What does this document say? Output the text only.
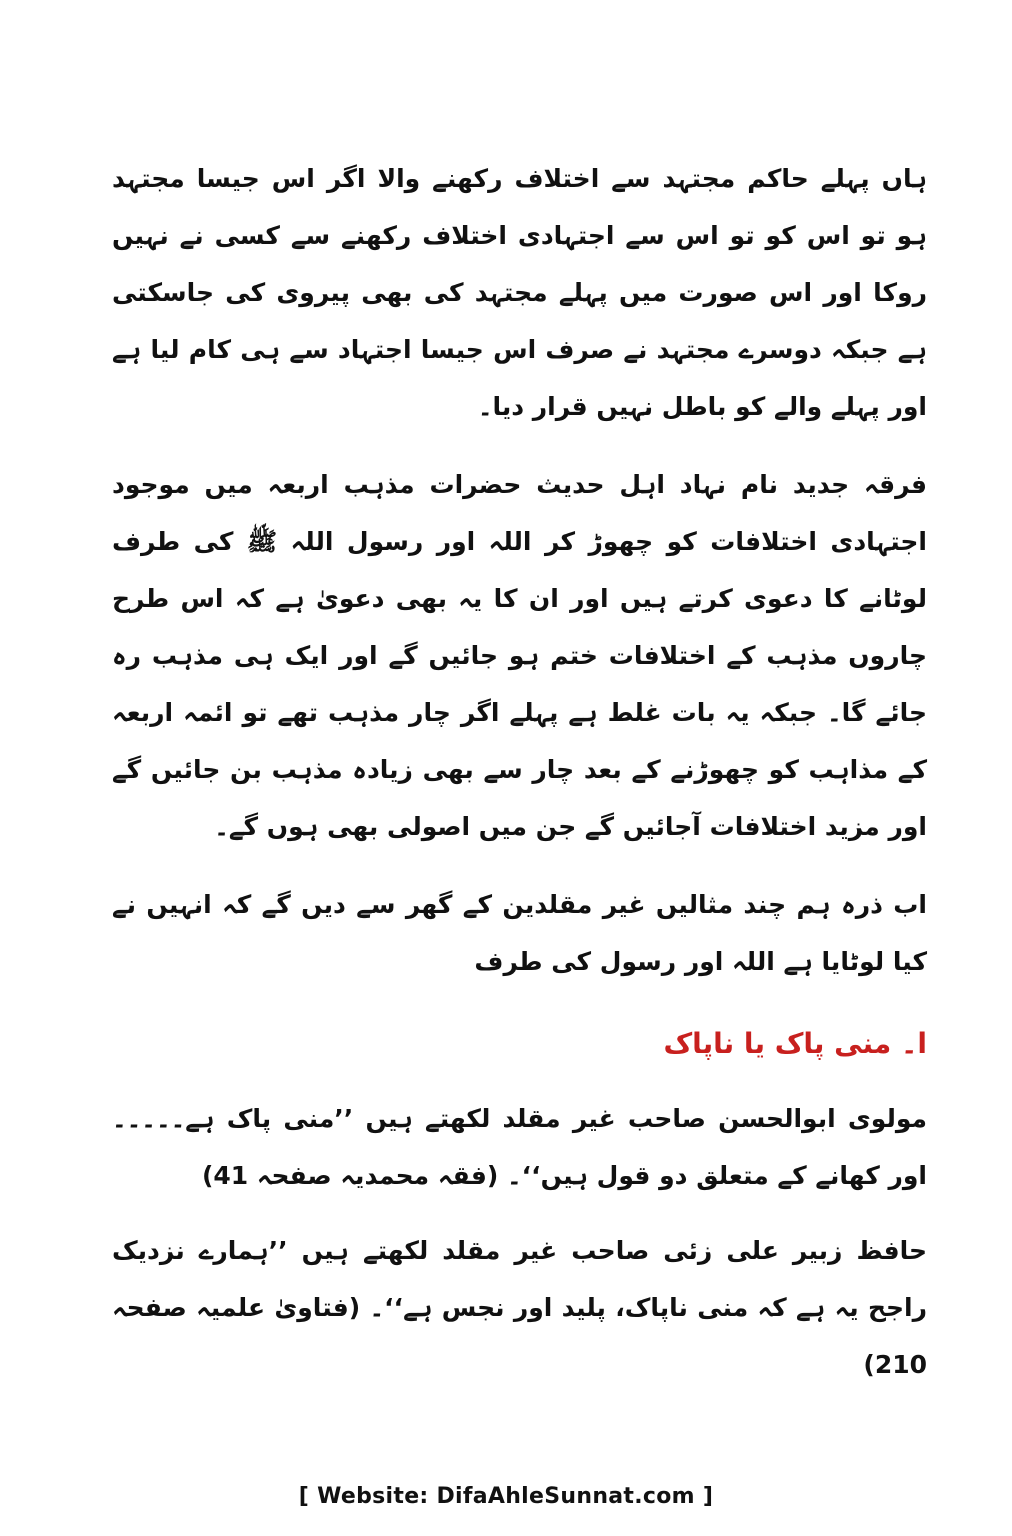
ہاں پہلے حاکم مجتہد سے اختلاف رکھنے والا اگر اس جیسا مجتہد ہو تو اس کو تو اس سے اجتہادی اختلاف رکھنے سے کسی نے نہیں روکا اور اس صورت میں پہلے مجتہد کی بھی پیروی کی جاسکتی ہے جبکہ دوسرے مجتہد نے صرف اس جیسا اجتہاد سے ہی کام لیا ہے اور پہلے والے کو باطل نہیں قرار دیا۔

فرقہ جدید نام نہاد اہل حدیث حضرات مذہب اربعہ میں موجود اجتہادی اختلافات کو چھوڑ کر اللہ اور رسول اللہ ﷺ کی طرف لوٹانے کا دعوی کرتے ہیں اور ان کا یہ بھی دعویٰ ہے کہ اس طرح چاروں مذہب کے اختلافات ختم ہو جائیں گے اور ایک ہی مذہب رہ جائے گا۔ جبکہ یہ بات غلط ہے پہلے اگر چار مذہب تھے تو ائمہ اربعہ کے مذاہب کو چھوڑنے کے بعد چار سے بھی زیادہ مذہب بن جائیں گے اور مزید اختلافات آجائیں گے جن میں اصولی بھی ہوں گے۔

اب ذرہ ہم چند مثالیں غیر مقلدین کے گھر سے دیں گے کہ انہیں نے کیا لوٹایا ہے اللہ اور رسول کی طرف

ا۔ منی پاک یا ناپاک

مولوی ابوالحسن صاحب غیر مقلد لکھتے ہیں ’’منی پاک ہے۔۔۔۔۔اور کھانے کے متعلق دو قول ہیں‘‘۔ (فقہ محمدیہ صفحہ 41)

حافظ زبیر علی زئی صاحب غیر مقلد لکھتے ہیں ’’ہمارے نزدیک راجح یہ ہے کہ منی ناپاک، پلید اور نجس ہے‘‘۔ (فتاویٰ علمیہ صفحہ 210)

[ Website: DifaAhleSunnat.com ]
